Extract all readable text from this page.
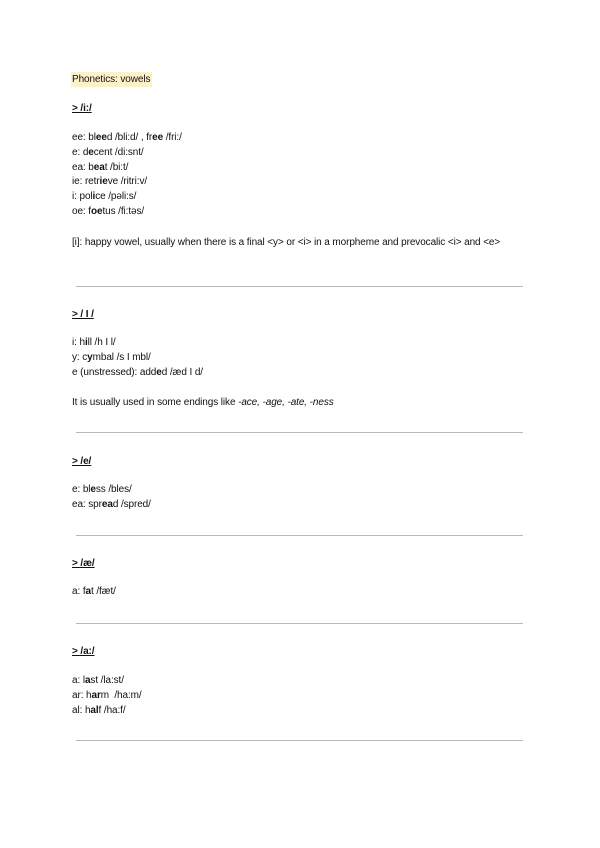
Phonetics: vowels
> /i:/
ee: bleed /bli:d/ , free /fri:/
e: decent /di:snt/
ea: beat /bi:t/
ie: retrieve /ritri:v/
i: police /pəli:s/
oe: foetus /fi:təs/
[i]: happy vowel, usually when there is a final <y> or <i> in a morpheme and prevocalic <i> and <e>
> / I /
i: hill /h I l/
y: cymbal /s I mbl/
e (unstressed): added /æd I d/
It is usually used in some endings like -ace, -age, -ate, -ness
> /e/
e: bless /bles/
ea: spread /spred/
> /æ/
a: fat /fæt/
> /a:/
a: last /la:st/
ar: harm  /ha:m/
al: half /ha:f/
